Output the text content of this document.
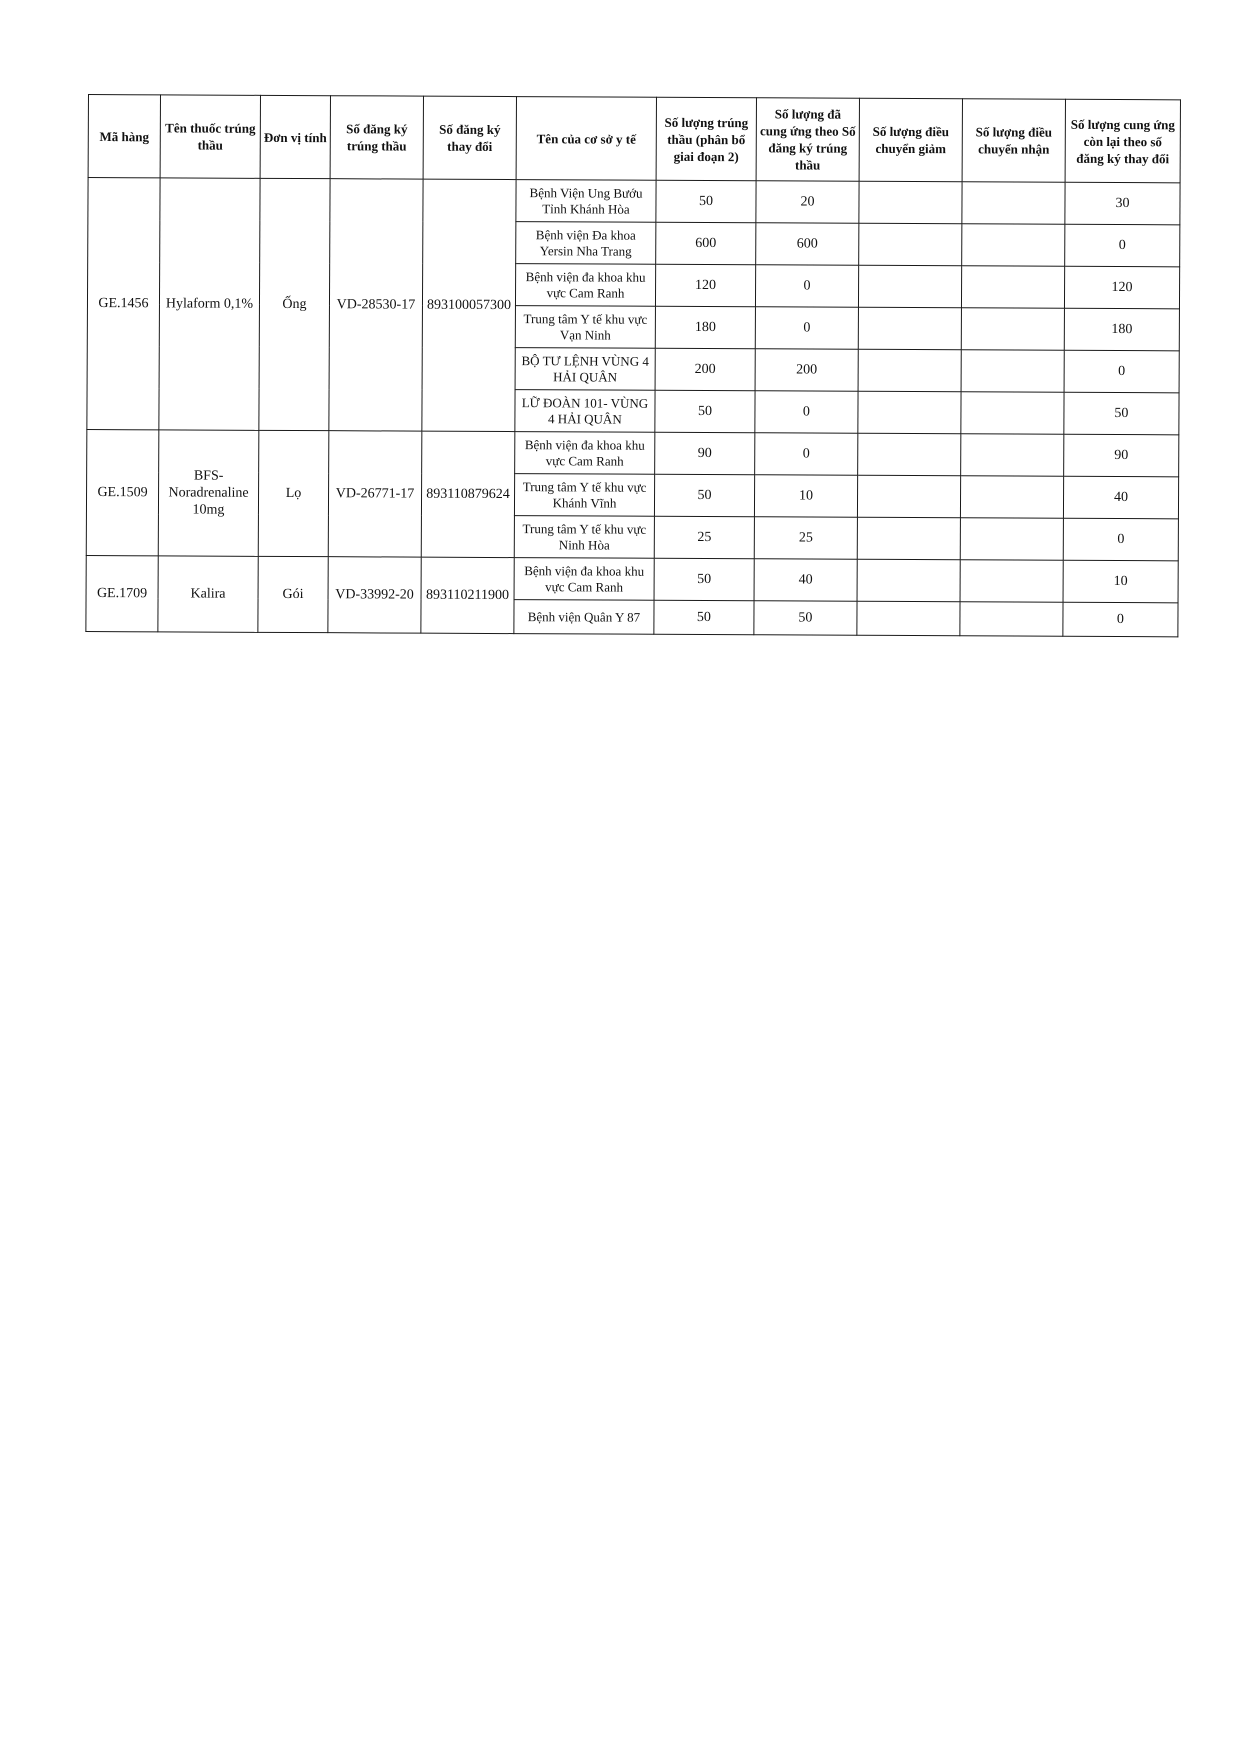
Mã hàng	Tên thuốc trúng thầu	Đơn vị tính	Số đăng ký trúng thầu	Số đăng ký thay đổi	Tên của cơ sở y tế	Số lượng trúng thầu (phân bổ giai đoạn 2)	Số lượng đã cung ứng theo Số đăng ký trúng thầu	Số lượng điều chuyển giảm	Số lượng điều chuyển nhận	Số lượng cung ứng còn lại theo số đăng ký thay đổi
GE.1456	Hylaform 0,1%	Ống	VD-28530-17	893100057300	Bệnh Viện Ung Bướu Tỉnh Khánh Hòa	50	20			30
					Bệnh viện Đa khoa Yersin Nha Trang	600	600			0
					Bệnh viện đa khoa khu vực Cam Ranh	120	0			120
					Trung tâm Y tế khu vực Vạn Ninh	180	0			180
					BỘ TƯ LỆNH VÙNG 4 HẢI QUÂN	200	200			0
					LỮ ĐOÀN 101- VÙNG 4 HẢI QUÂN	50	0			50
GE.1509	BFS- Noradrenaline 10mg	Lọ	VD-26771-17	893110879624	Bệnh viện đa khoa khu vực Cam Ranh	90	0			90
					Trung tâm Y tế khu vực Khánh Vĩnh	50	10			40
					Trung tâm Y tế khu vực Ninh Hòa	25	25			0
GE.1709	Kalira	Gói	VD-33992-20	893110211900	Bệnh viện đa khoa khu vực Cam Ranh	50	40			10
					Bệnh viện Quân Y 87	50	50			0
